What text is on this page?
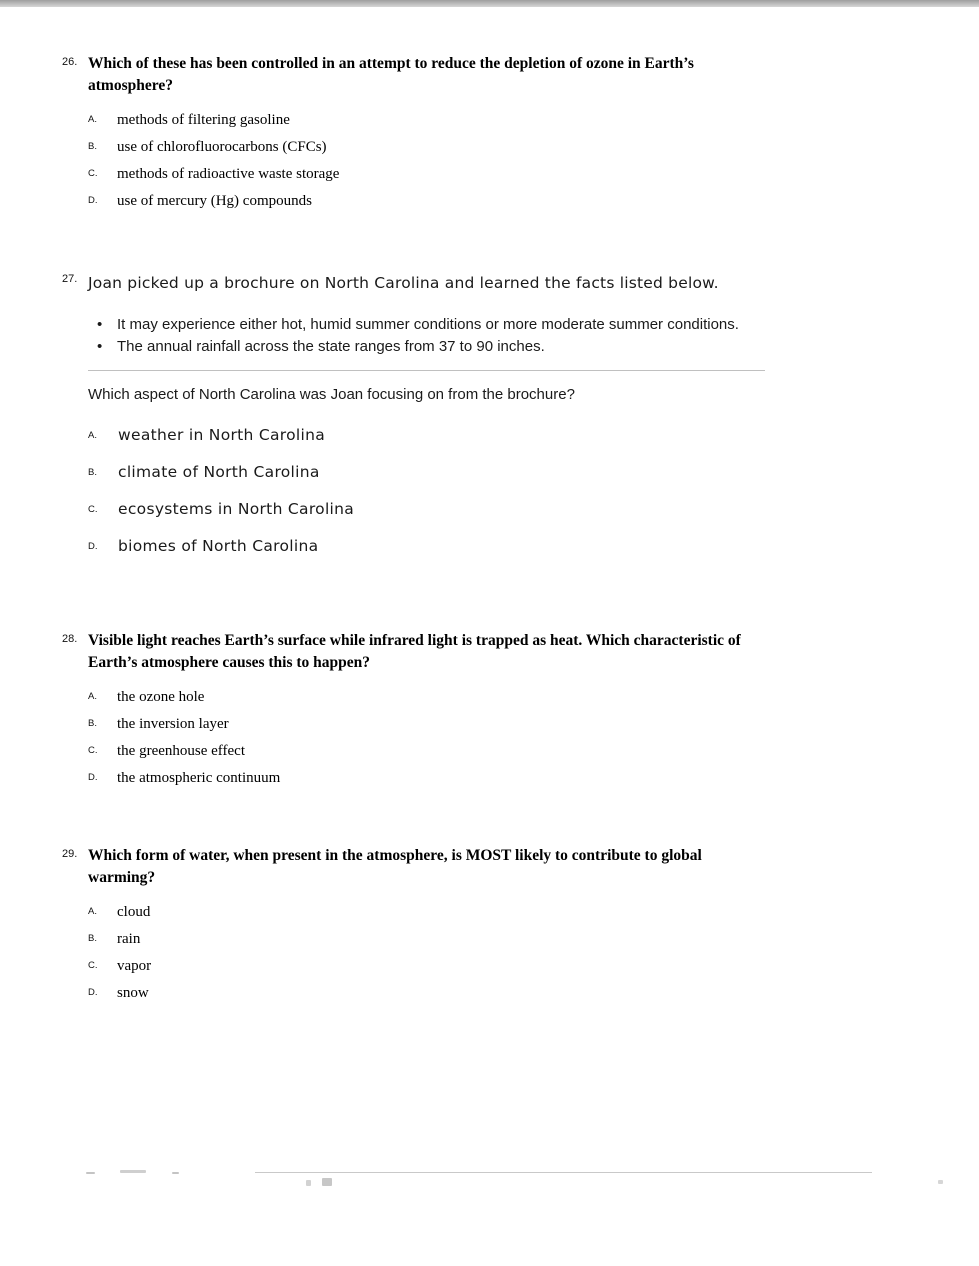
26. Which of these has been controlled in an attempt to reduce the depletion of ozone in Earth’s atmosphere?
A.	methods of filtering gasoline
B.	use of chlorofluorocarbons (CFCs)
C.	methods of radioactive waste storage
D.	use of mercury (Hg) compounds
27. Joan picked up a brochure on North Carolina and learned the facts listed below.
• It may experience either hot, humid summer conditions or more moderate summer conditions.
• The annual rainfall across the state ranges from 37 to 90 inches.
Which aspect of North Carolina was Joan focusing on from the brochure?
A.	weather in North Carolina
B.	climate of North Carolina
C.	ecosystems in North Carolina
D.	biomes of North Carolina
28. Visible light reaches Earth’s surface while infrared light is trapped as heat. Which characteristic of Earth’s atmosphere causes this to happen?
A.	the ozone hole
B.	the inversion layer
C.	the greenhouse effect
D.	the atmospheric continuum
29. Which form of water, when present in the atmosphere, is MOST likely to contribute to global warming?
A.	cloud
B.	rain
C.	vapor
D.	snow
